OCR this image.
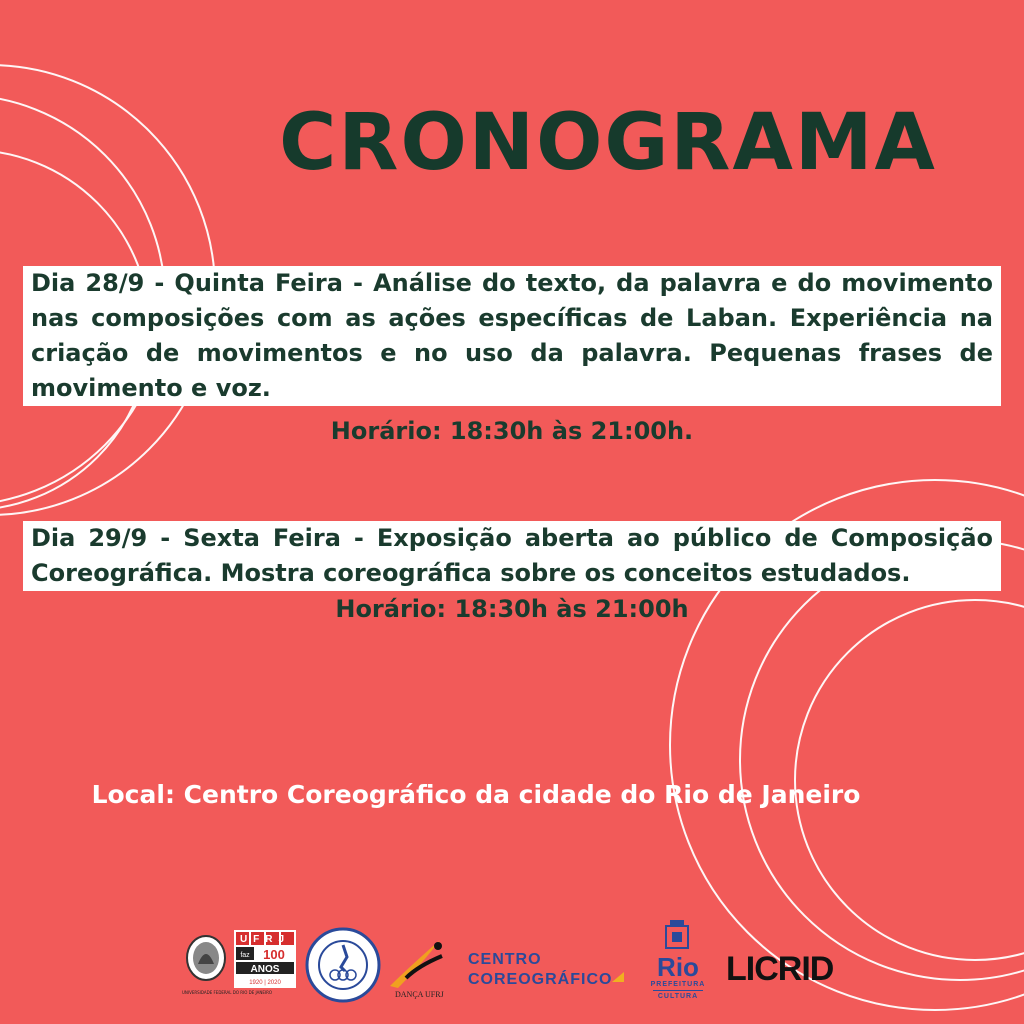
CRONOGRAMA
Dia 28/9 - Quinta Feira - Análise do texto, da palavra e do movimento nas composições com as ações específicas de Laban. Experiência na criação de movimentos e no uso da palavra. Pequenas frases de movimento e voz.
Horário: 18:30h às 21:00h.
Dia 29/9 - Sexta Feira - Exposição aberta ao público de Composição Coreográfica. Mostra coreográfica sobre os conceitos estudados.
Horário: 18:30h às 21:00h
Local: Centro Coreográfico da cidade do Rio de Janeiro
UFRJ
faz 100
ANOS
1920 | 2020
UNIVERSIDADE FEDERAL DO RIO DE JANEIRO	DANÇA UFRJ
CENTRO
COREOGRÁFICO	Rio
PREFEITURA
CULTURA
LICRID
